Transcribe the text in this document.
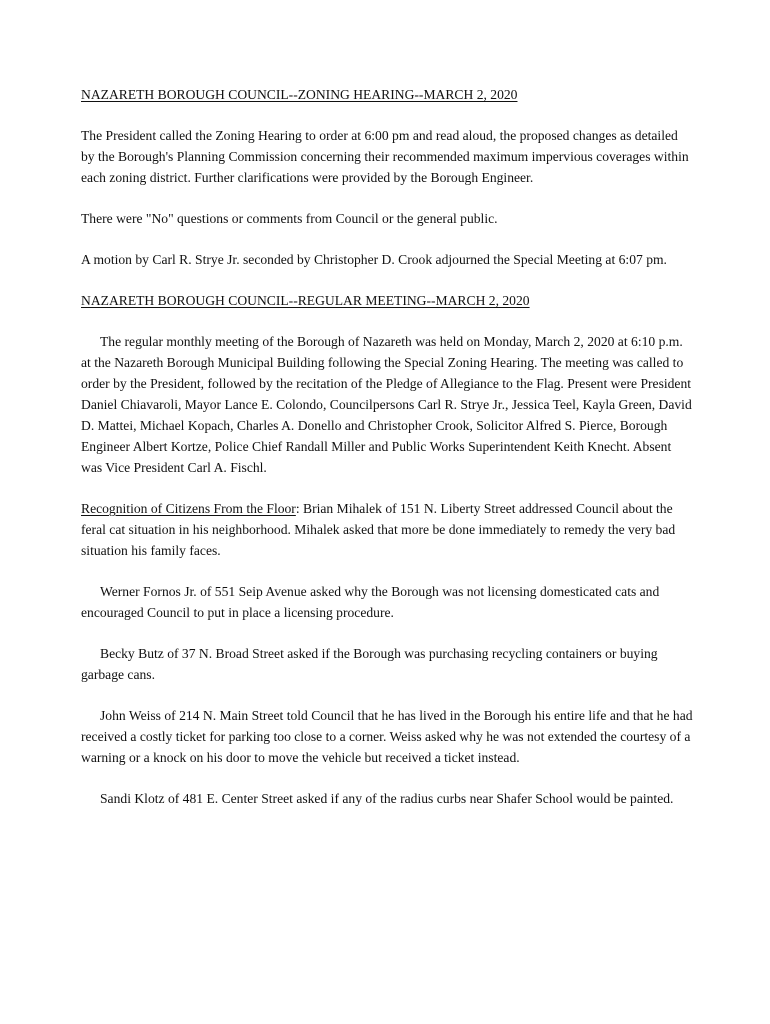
NAZARETH BOROUGH COUNCIL--ZONING HEARING--MARCH 2, 2020

The President called the Zoning Hearing to order at 6:00 pm and read aloud, the proposed changes as detailed by the Borough's Planning Commission concerning their recommended maximum impervious coverages within each zoning district. Further clarifications were provided by the Borough Engineer.

There were "No" questions or comments from Council or the general public.

A motion by Carl R. Strye Jr. seconded by Christopher D. Crook adjourned the Special Meeting at 6:07 pm.

NAZARETH BOROUGH COUNCIL--REGULAR MEETING--MARCH 2, 2020

The regular monthly meeting of the Borough of Nazareth was held on Monday, March 2, 2020 at 6:10 p.m. at the Nazareth Borough Municipal Building following the Special Zoning Hearing. The meeting was called to order by the President, followed by the recitation of the Pledge of Allegiance to the Flag. Present were President Daniel Chiavaroli, Mayor Lance E. Colondo, Councilpersons Carl R. Strye Jr., Jessica Teel, Kayla Green, David D. Mattei, Michael Kopach, Charles A. Donello and Christopher Crook, Solicitor Alfred S. Pierce, Borough Engineer Albert Kortze, Police Chief Randall Miller and Public Works Superintendent Keith Knecht. Absent was Vice President Carl A. Fischl.

Recognition of Citizens From the Floor: Brian Mihalek of 151 N. Liberty Street addressed Council about the feral cat situation in his neighborhood. Mihalek asked that more be done immediately to remedy the very bad situation his family faces.

Werner Fornos Jr. of 551 Seip Avenue asked why the Borough was not licensing domesticated cats and encouraged Council to put in place a licensing procedure.

Becky Butz of 37 N. Broad Street asked if the Borough was purchasing recycling containers or buying garbage cans.

John Weiss of 214 N. Main Street told Council that he has lived in the Borough his entire life and that he had received a costly ticket for parking too close to a corner. Weiss asked why he was not extended the courtesy of a warning or a knock on his door to move the vehicle but received a ticket instead.

Sandi Klotz of 481 E. Center Street asked if any of the radius curbs near Shafer School would be painted.
